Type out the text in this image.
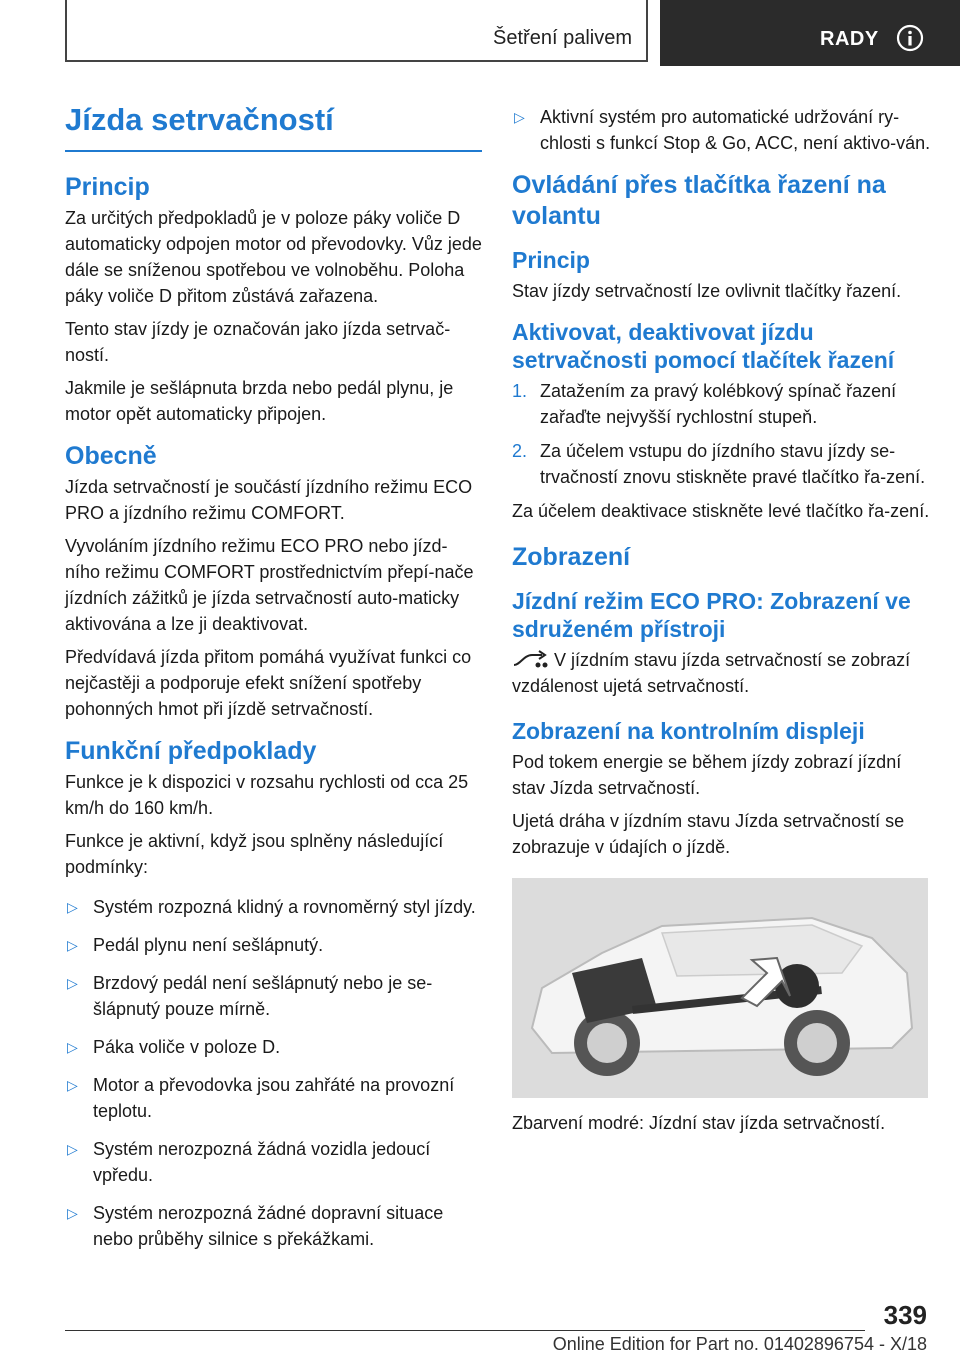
Šetření palivem	RADY
Jízda setrvačností
Princip

Za určitých předpokladů je v poloze páky voliče D automaticky odpojen motor od převodovky. Vůz jede dále se sníženou spotřebou ve volnoběhu. Poloha páky voliče D přitom zůstává zařazena.

Tento stav jízdy je označován jako jízda setrvač‐ností.

Jakmile je sešlápnuta brzda nebo pedál plynu, je motor opět automaticky připojen.

Obecně

Jízda setrvačností je součástí jízdního režimu ECO PRO a jízdního režimu COMFORT.

Vyvoláním jízdního režimu ECO PRO nebo jízd‐ního režimu COMFORT prostřednictvím přepí‐nače jízdních zážitků je jízda setrvačností auto‐maticky aktivována a lze ji deaktivovat.

Předvídavá jízda přitom pomáhá využívat funkci co nejčastěji a podporuje efekt snížení spotřeby pohonných hmot při jízdě setrvačností.

Funkční předpoklady

Funkce je k dispozici v rozsahu rychlosti od cca 25 km/h do 160 km/h.

Funkce je aktivní, když jsou splněny následující podmínky:

▷ Systém rozpozná klidný a rovnoměrný styl jízdy.
▷ Pedál plynu není sešlápnutý.
▷ Brzdový pedál není sešlápnutý nebo je se‐šlápnutý pouze mírně.
▷ Páka voliče v poloze D.
▷ Motor a převodovka jsou zahřáté na provozní teplotu.
▷ Systém nerozpozná žádná vozidla jedoucí vpředu.
▷ Systém nerozpozná žádné dopravní situace nebo průběhy silnice s překážkami.
▷ Aktivní systém pro automatické udržování ry‐chlosti s funkcí Stop & Go, ACC, není aktivo‐ván.
Ovládání přes tlačítka řazení na volantu
Princip

Stav jízdy setrvačností lze ovlivnit tlačítky řazení.

Aktivovat, deaktivovat jízdu setrvačnosti pomocí tlačítek řazení
1. Zatažením za pravý kolébkový spínač řazení zařaďte nejvyšší rychlostní stupeň.
2. Za účelem vstupu do jízdního stavu jízdy se‐trvačností znovu stiskněte pravé tlačítko řa‐zení.

Za účelem deaktivace stiskněte levé tlačítko řa‐zení.

Zobrazení
Jízdní režim ECO PRO: Zobrazení ve sdruženém přístroji

V jízdním stavu jízda setrvačností se zobrazí vzdálenost ujetá setrvačností.

Zobrazení na kontrolním displeji

Pod tokem energie se během jízdy zobrazí jízdní stav Jízda setrvačností.

Ujetá dráha v jízdním stavu Jízda setrvačností se zobrazuje v údajích o jízdě.

Zbarvení modré: Jízdní stav jízda setrvačností.

339
Online Edition for Part no. 01402896754 - X/18
